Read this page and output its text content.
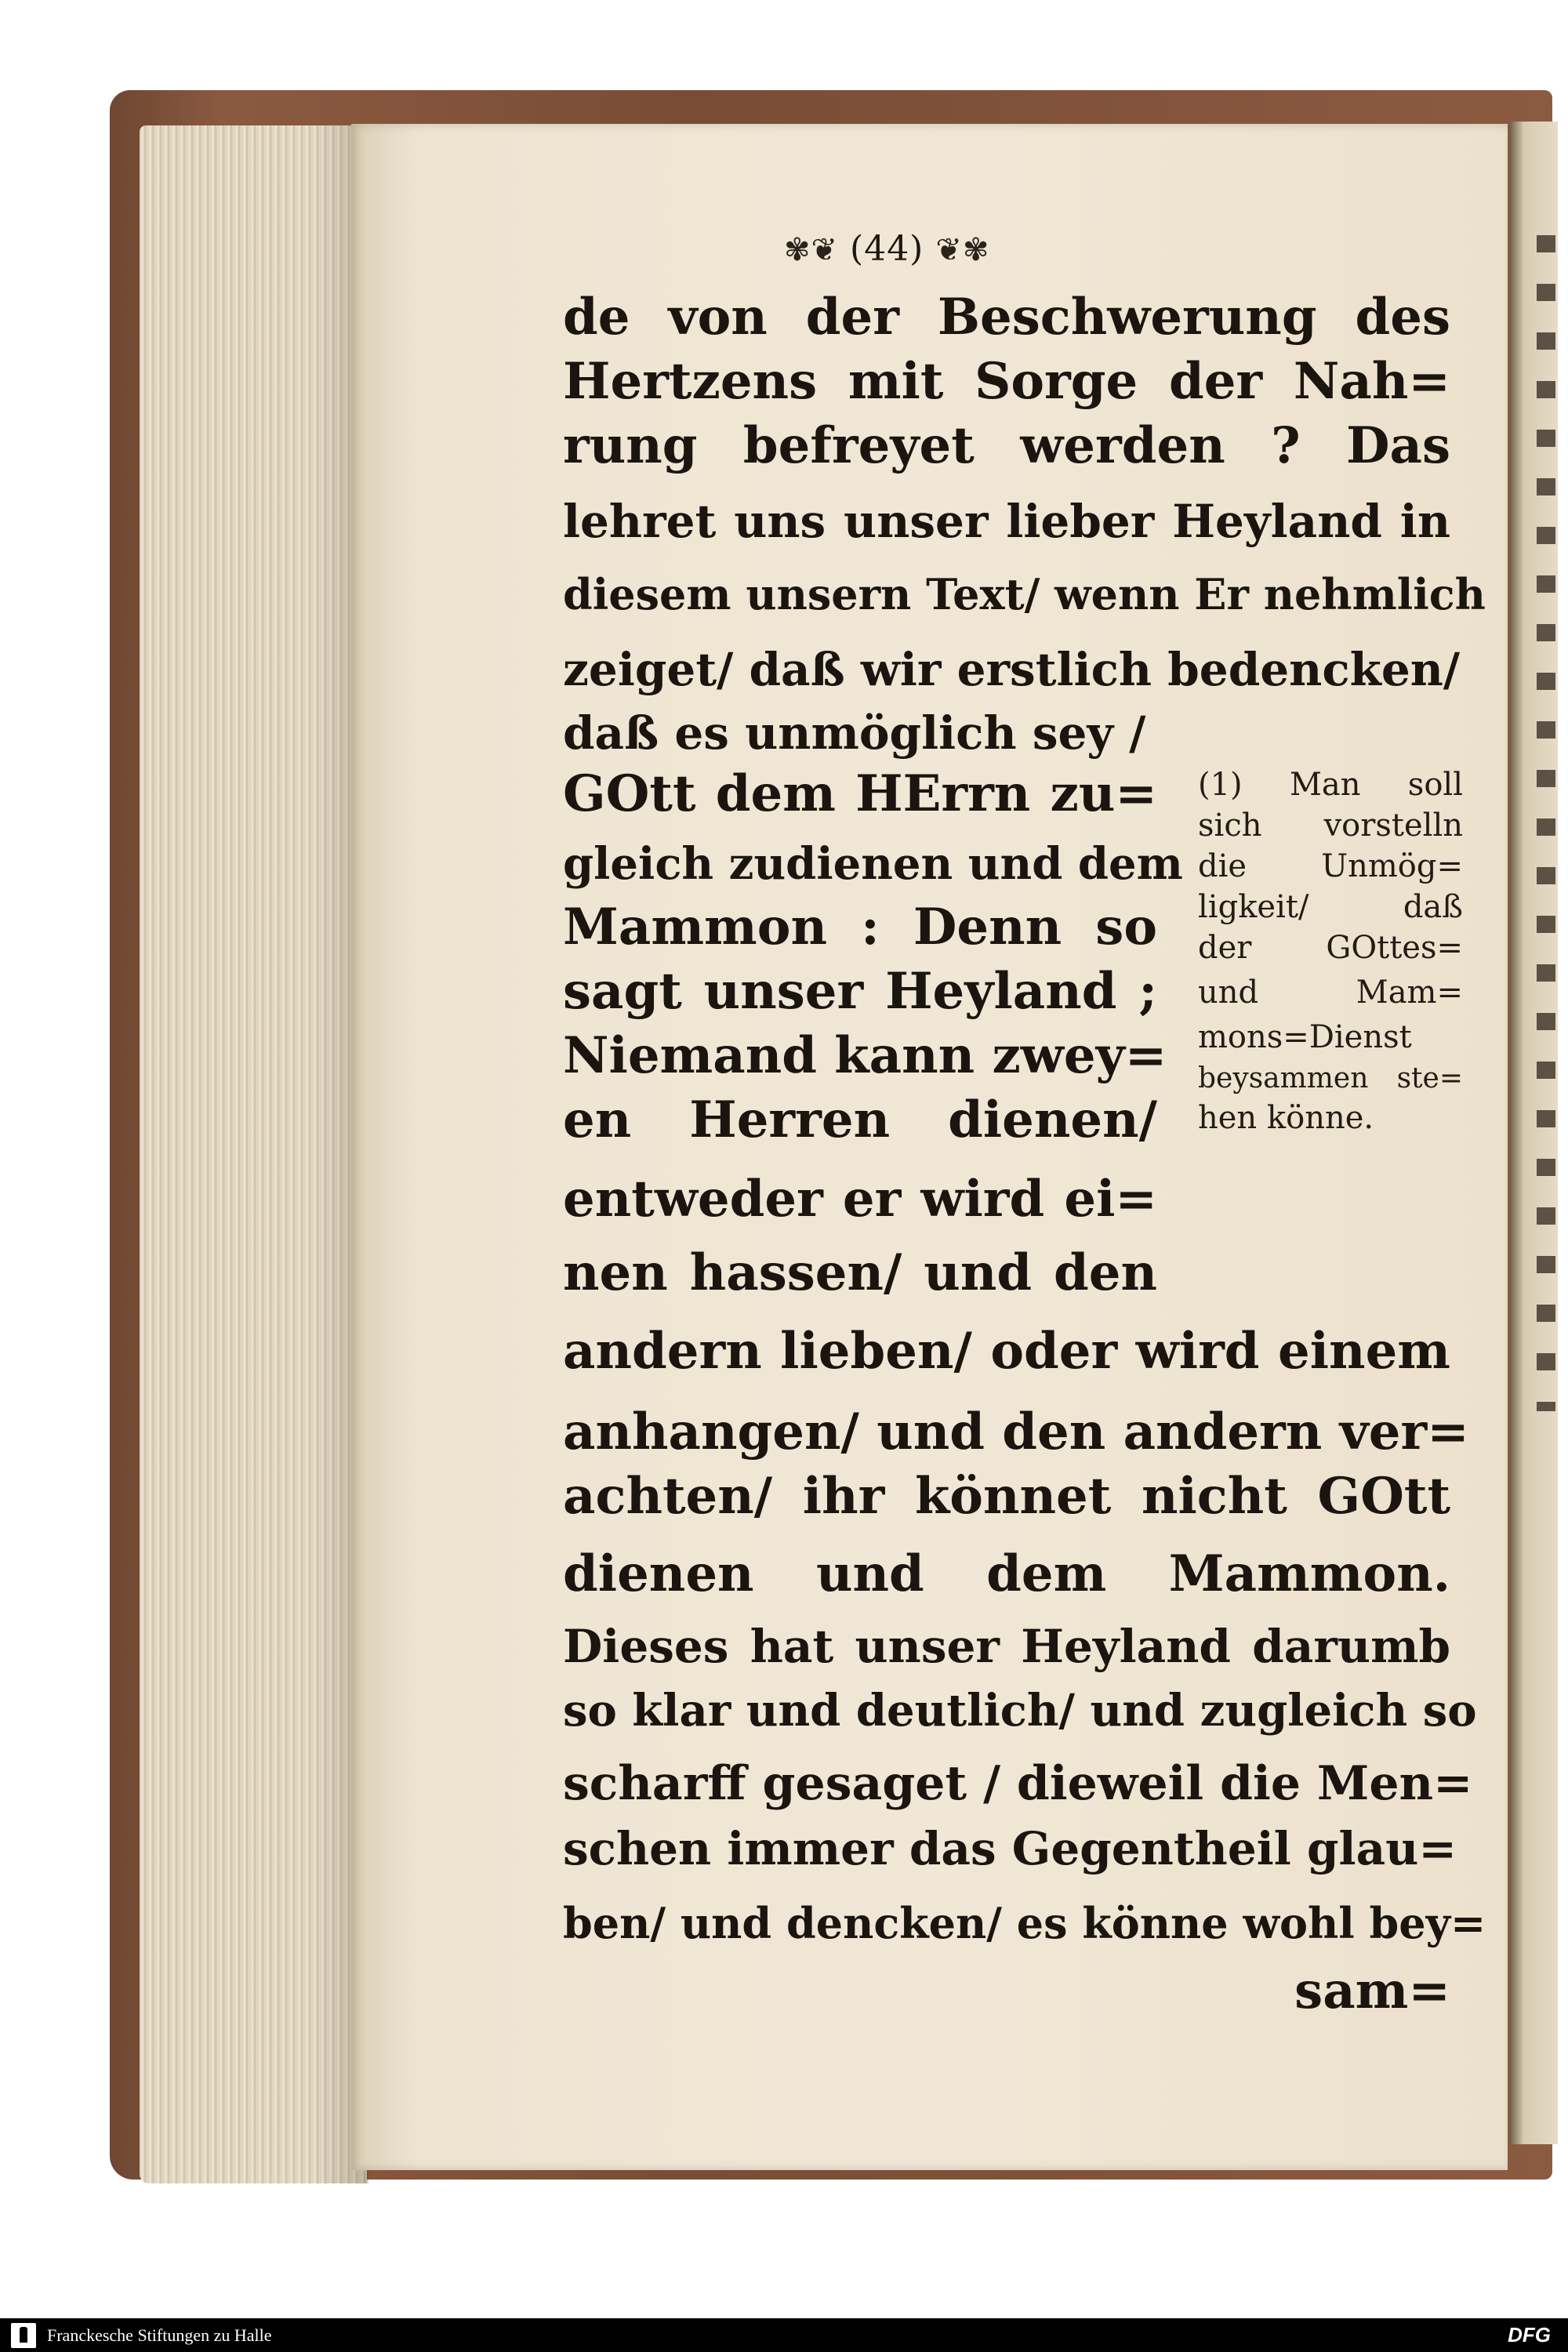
✾❦ (44) ❦✾
de von der Beschwerung des
Hertzens mit Sorge der Nah=
rung befreyet werden ? Das
lehret uns unser lieber Heyland in
diesem unsern Text/ wenn Er nehmlich
zeiget/ daß wir erstlich bedencken/
daß es unmöglich sey /
GOtt dem HErrn zu=
gleich zudienen und dem
Mammon : Denn so
sagt unser Heyland ;
Niemand kann zwey=
en Herren dienen/
entweder er wird ei=
nen hassen/ und den
andern lieben/ oder wird einem
anhangen/ und den andern ver=
achten/ ihr könnet nicht GOtt
dienen und dem Mammon.
Dieses hat unser Heyland darumb
so klar und deutlich/ und zugleich so
scharff gesaget / dieweil die Men=
schen immer das Gegentheil glau=
ben/ und dencken/ es könne wohl bey=
sam=
(1) Man soll
sich vorstelln
die Unmög=
ligkeit/ daß
der GOttes=
und Mam=
mons=Dienst
beysammen ste=
hen könne.
Franckesche Stiftungen zu Halle	DFG
